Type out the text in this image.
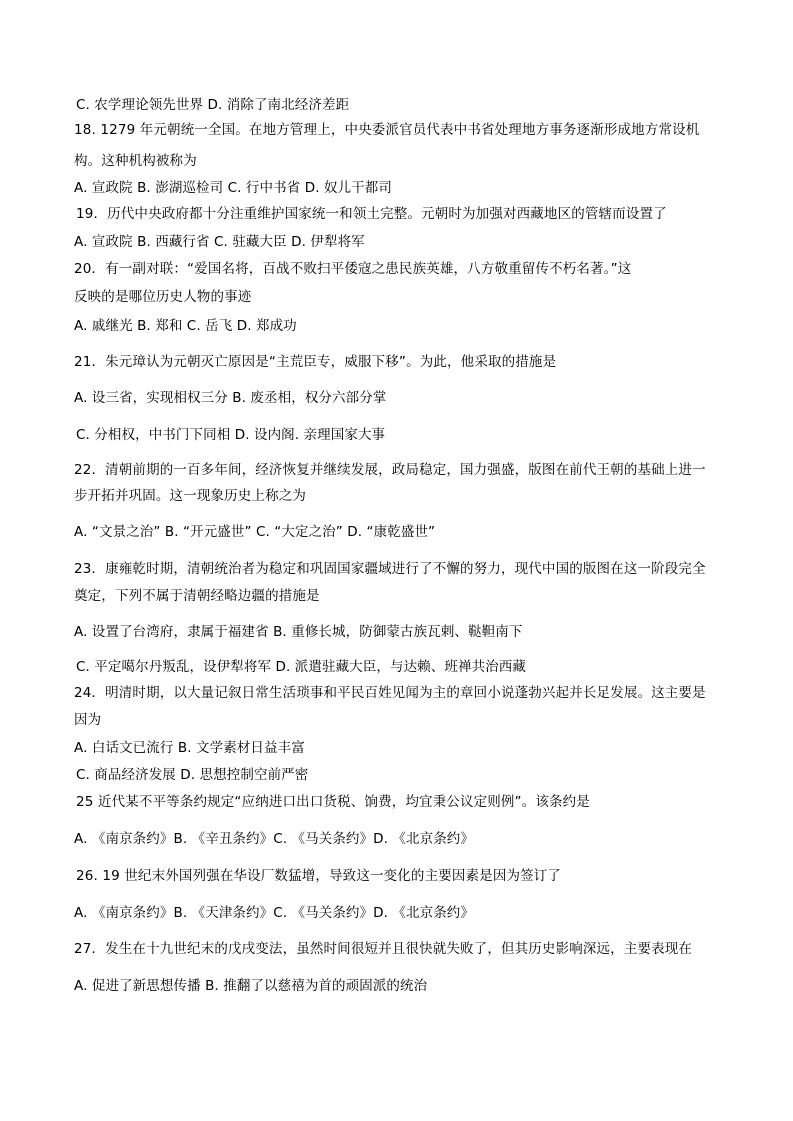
C. 农学理论领先世界 D. 消除了南北经济差距
18. 1279 年元朝统一全国。在地方管理上，中央委派官员代表中书省处理地方事务逐渐形成地方常设机
构。这种机构被称为
A. 宣政院 B. 澎湖巡检司 C. 行中书省 D. 奴儿干都司
19．历代中央政府都十分注重维护国家统一和领土完整。元朝时为加强对西藏地区的管辖而设置了
A. 宣政院 B. 西藏行省 C. 驻藏大臣 D. 伊犁将军
20．有一副对联：“爱国名将，百战不败扫平倭寇之患民族英雄，八方敬重留传不朽名著。”这
反映的是哪位历史人物的事迹
A. 戚继光 B. 郑和 C. 岳飞 D. 郑成功
21．朱元璋认为元朝灭亡原因是“主荒臣专，威服下移”。为此，他采取的措施是
A. 设三省，实现相权三分 B. 废丞相，权分六部分掌
C. 分相权，中书门下同相 D. 设内阁. 亲理国家大事
22．清朝前期的一百多年间，经济恢复并继续发展，政局稳定，国力强盛，版图在前代王朝的基础上进一
步开拓并巩固。这一现象历史上称之为
A. “文景之治” B. “开元盛世” C. “大定之治” D. “康乾盛世”
23．康雍乾时期，清朝统治者为稳定和巩固国家疆域进行了不懈的努力，现代中国的版图在这一阶段完全
奠定，下列不属于清朝经略边疆的措施是
A. 设置了台湾府，隶属于福建省 B. 重修长城，防御蒙古族瓦剌、鞑靼南下
C. 平定噶尔丹叛乱，设伊犁将军 D. 派遣驻藏大臣，与达赖、班禅共治西藏
24．明清时期，以大量记叙日常生活琐事和平民百姓见闻为主的章回小说蓬勃兴起并长足发展。这主要是
因为
A. 白话文已流行 B. 文学素材日益丰富
C. 商品经济发展 D. 思想控制空前严密
25 近代某不平等条约规定“应纳进口出口货税、饷费，均宜秉公议定则例”。该条约是
A. 《南京条约》B. 《辛丑条约》C. 《马关条约》D. 《北京条约》
26. 19 世纪末外国列强在华设厂数猛增，导致这一变化的主要因素是因为签订了
A. 《南京条约》B. 《天津条约》C. 《马关条约》D. 《北京条约》
27．发生在十九世纪末的戊戌变法，虽然时间很短并且很快就失败了，但其历史影响深远，主要表现在
A. 促进了新思想传播 B. 推翻了以慈禧为首的顽固派的统治
